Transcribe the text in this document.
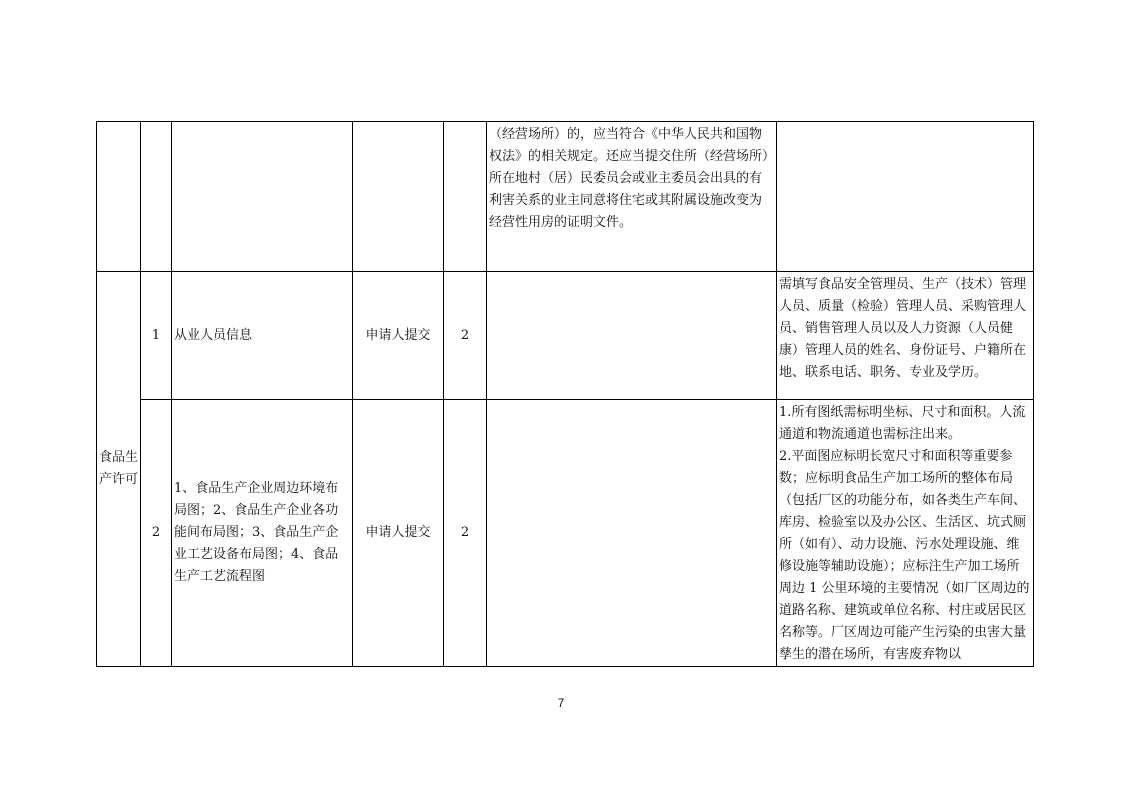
					（经营场所）的，应当符合《中华人民共和国物权法》的相关规定。还应当提交住所（经营场所）所在地村（居）民委员会或业主委员会出具的有利害关系的业主同意将住宅或其附属设施改变为经营性用房的证明文件。	
食品生产许可	1	从业人员信息	申请人提交	2		需填写食品安全管理员、生产（技术）管理人员、质量（检验）管理人员、采购管理人员、销售管理人员以及人力资源（人员健康）管理人员的姓名、身份证号、户籍所在地、联系电话、职务、专业及学历。
	2	1、食品生产企业周边环境布局图；2、食品生产企业各功能间布局图；3、食品生产企业工艺设备布局图；4、食品生产工艺流程图	申请人提交	2		1.所有图纸需标明坐标、尺寸和面积。人流通道和物流通道也需标注出来。
2.平面图应标明长宽尺寸和面积等重要参数；应标明食品生产加工场所的整体布局（包括厂区的功能分布，如各类生产车间、库房、检验室以及办公区、生活区、坑式厕所（如有）、动力设施、污水处理设施、维修设施等辅助设施）；应标注生产加工场所周边 1 公里环境的主要情况（如厂区周边的道路名称、建筑或单位名称、村庄或居民区名称等。厂区周边可能产生污染的虫害大量孳生的潜在场所，有害废弃物以
7
